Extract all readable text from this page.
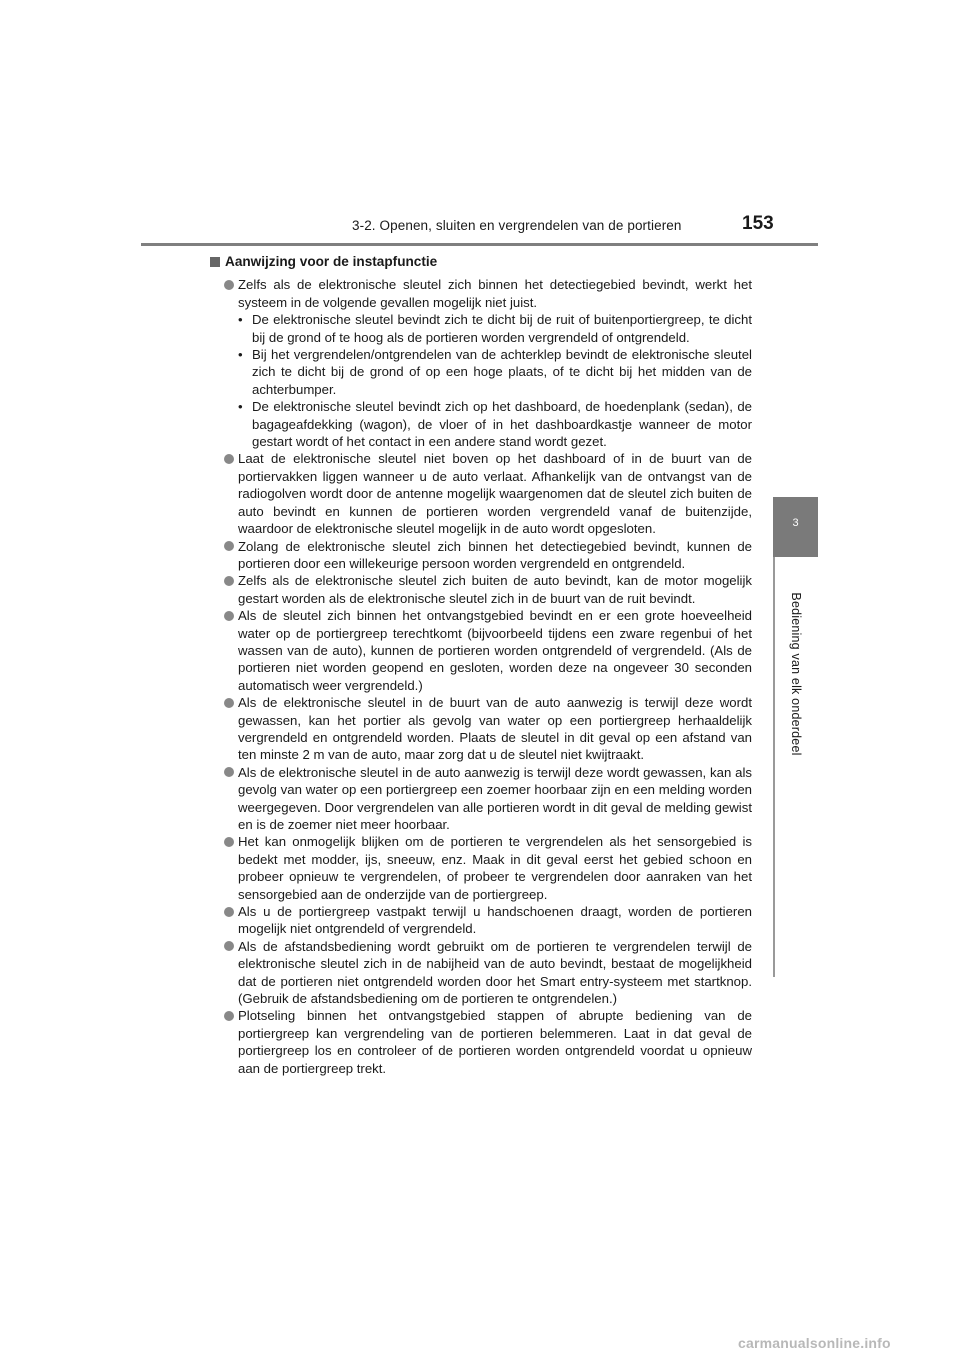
3-2. Openen, sluiten en vergrendelen van de portieren	153
3
Bediening van elk onderdeel
Aanwijzing voor de instapfunctie
Zelfs als de elektronische sleutel zich binnen het detectiegebied bevindt, werkt het systeem in de volgende gevallen mogelijk niet juist.
• De elektronische sleutel bevindt zich te dicht bij de ruit of buitenportiergreep, te dicht bij de grond of te hoog als de portieren worden vergrendeld of ontgrendeld.
• Bij het vergrendelen/ontgrendelen van de achterklep bevindt de elektronische sleutel zich te dicht bij de grond of op een hoge plaats, of te dicht bij het midden van de achterbumper.
• De elektronische sleutel bevindt zich op het dashboard, de hoedenplank (sedan), de bagageafdekking (wagon), de vloer of in het dashboardkastje wanneer de motor gestart wordt of het contact in een andere stand wordt gezet.
Laat de elektronische sleutel niet boven op het dashboard of in de buurt van de portiervakken liggen wanneer u de auto verlaat. Afhankelijk van de ontvangst van de radiogolven wordt door de antenne mogelijk waargenomen dat de sleutel zich buiten de auto bevindt en kunnen de portieren worden vergrendeld vanaf de buitenzijde, waardoor de elektronische sleutel mogelijk in de auto wordt opgesloten.
Zolang de elektronische sleutel zich binnen het detectiegebied bevindt, kunnen de portieren door een willekeurige persoon worden vergrendeld en ontgrendeld.
Zelfs als de elektronische sleutel zich buiten de auto bevindt, kan de motor mogelijk gestart worden als de elektronische sleutel zich in de buurt van de ruit bevindt.
Als de sleutel zich binnen het ontvangstgebied bevindt en er een grote hoeveelheid water op de portiergreep terechtkomt (bijvoorbeeld tijdens een zware regenbui of het wassen van de auto), kunnen de portieren worden ontgrendeld of vergrendeld. (Als de portieren niet worden geopend en gesloten, worden deze na ongeveer 30 seconden automatisch weer vergrendeld.)
Als de elektronische sleutel in de buurt van de auto aanwezig is terwijl deze wordt gewassen, kan het portier als gevolg van water op een portiergreep herhaaldelijk vergrendeld en ontgrendeld worden. Plaats de sleutel in dit geval op een afstand van ten minste 2 m van de auto, maar zorg dat u de sleutel niet kwijtraakt.
Als de elektronische sleutel in de auto aanwezig is terwijl deze wordt gewassen, kan als gevolg van water op een portiergreep een zoemer hoorbaar zijn en een melding worden weergegeven. Door vergrendelen van alle portieren wordt in dit geval de melding gewist en is de zoemer niet meer hoorbaar.
Het kan onmogelijk blijken om de portieren te vergrendelen als het sensorgebied is bedekt met modder, ijs, sneeuw, enz. Maak in dit geval eerst het gebied schoon en probeer opnieuw te vergrendelen, of probeer te vergrendelen door aanraken van het sensorgebied aan de onderzijde van de portiergreep.
Als u de portiergreep vastpakt terwijl u handschoenen draagt, worden de portieren mogelijk niet ontgrendeld of vergrendeld.
Als de afstandsbediening wordt gebruikt om de portieren te vergrendelen terwijl de elektronische sleutel zich in de nabijheid van de auto bevindt, bestaat de mogelijkheid dat de portieren niet ontgrendeld worden door het Smart entry-systeem met startknop. (Gebruik de afstandsbediening om de portieren te ontgrendelen.)
Plotseling binnen het ontvangstgebied stappen of abrupte bediening van de portiergreep kan vergrendeling van de portieren belemmeren. Laat in dat geval de portiergreep los en controleer of de portieren worden ontgrendeld voordat u opnieuw aan de portiergreep trekt.
carmanualsonline.info
